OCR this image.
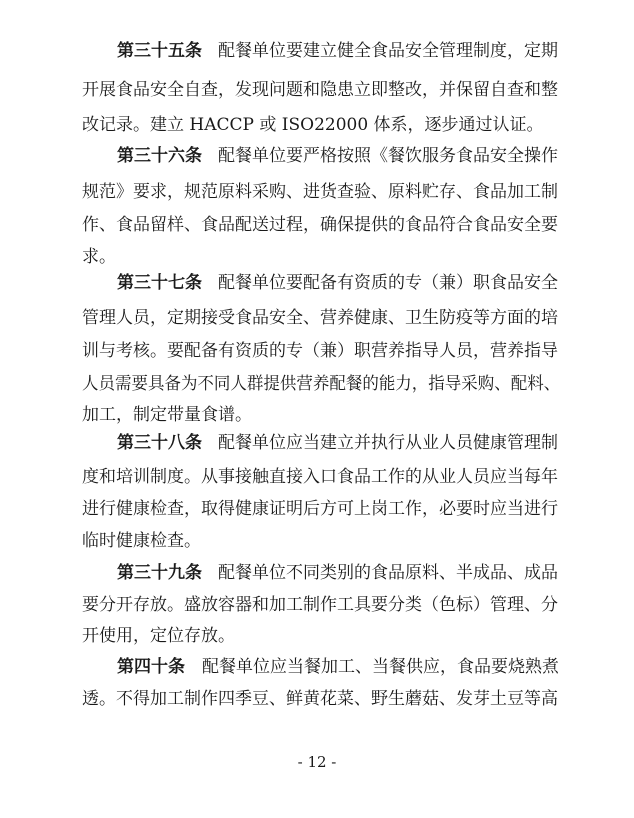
第三十五条 配餐单位要建立健全食品安全管理制度，定期
开展食品安全自查，发现问题和隐患立即整改，并保留自查和整
改记录。建立 HACCP 或 ISO22000 体系，逐步通过认证。
第三十六条 配餐单位要严格按照《餐饮服务食品安全操作
规范》要求，规范原料采购、进货查验、原料贮存、食品加工制
作、食品留样、食品配送过程，确保提供的食品符合食品安全要
求。
第三十七条 配餐单位要配备有资质的专（兼）职食品安全
管理人员，定期接受食品安全、营养健康、卫生防疫等方面的培
训与考核。要配备有资质的专（兼）职营养指导人员，营养指导
人员需要具备为不同人群提供营养配餐的能力，指导采购、配料、
加工，制定带量食谱。
第三十八条 配餐单位应当建立并执行从业人员健康管理制
度和培训制度。从事接触直接入口食品工作的从业人员应当每年
进行健康检查，取得健康证明后方可上岗工作，必要时应当进行
临时健康检查。
第三十九条 配餐单位不同类别的食品原料、半成品、成品
要分开存放。盛放容器和加工制作工具要分类（色标）管理、分
开使用，定位存放。
第四十条 配餐单位应当餐加工、当餐供应，食品要烧熟煮
透。不得加工制作四季豆、鲜黄花菜、野生蘑菇、发芽土豆等高
- 12 -
